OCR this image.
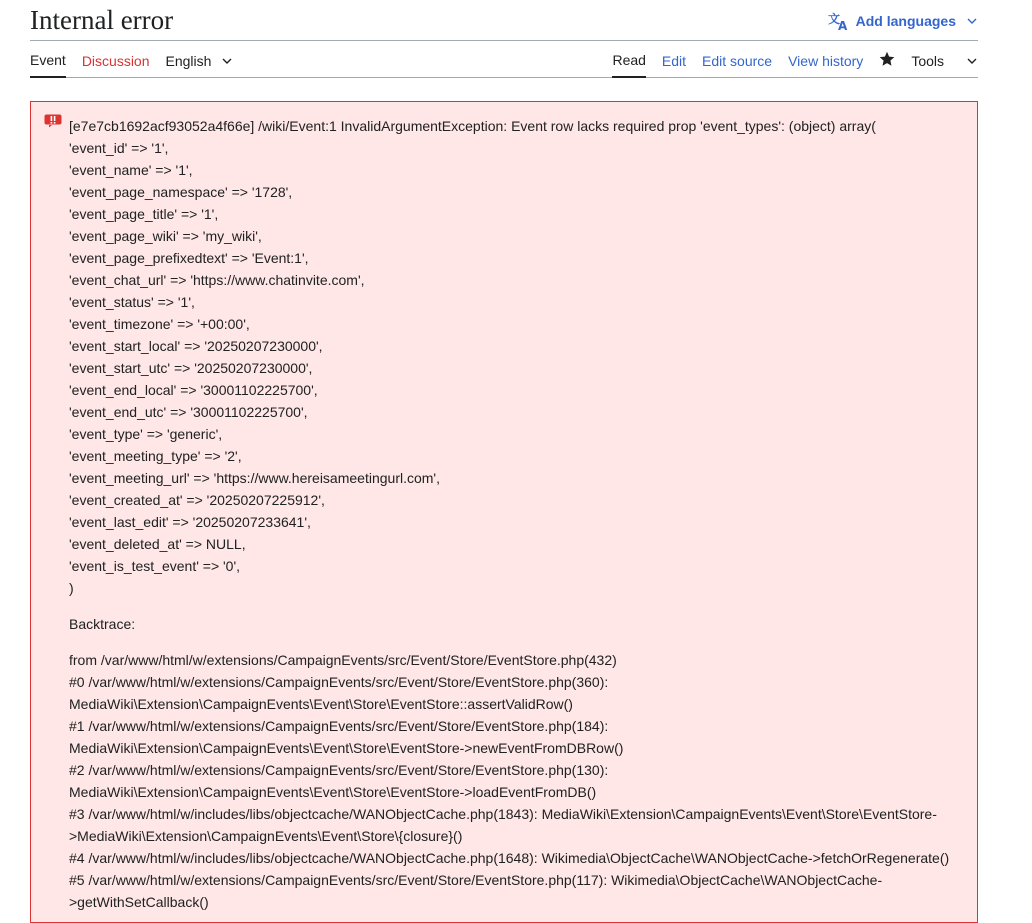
Internal error	文
A Add languages
Event Discussion English	Read Edit Edit source View history	Tools

[e7e7cb1692acf93052a4f66e] /wiki/Event:1 InvalidArgumentException: Event row lacks required prop 'event_types': (object) array(

'event_id' => '1',
'event_name' => '1',
'event_page_namespace' => '1728',
'event_page_title' => '1',
'event_page_wiki' => 'my_wiki',
'event_page_prefixedtext' => 'Event:1',
'event_chat_url' => 'https://www.chatinvite.com',
'event_status' => '1',
'event_timezone' => '+00:00',
'event_start_local' => '20250207230000',
'event_start_utc' => '20250207230000',
'event_end_local' => '30001102225700',
'event_end_utc' => '30001102225700',
'event_type' => 'generic',
'event_meeting_type' => '2',
'event_meeting_url' => 'https://www.hereisameetingurl.com',
'event_created_at' => '20250207225912',
'event_last_edit' => '20250207233641',
'event_deleted_at' => NULL,
'event_is_test_event' => '0',
)

Backtrace:

from /var/www/html/w/extensions/CampaignEvents/src/Event/Store/EventStore.php(432)
#0 /var/www/html/w/extensions/CampaignEvents/src/Event/Store/EventStore.php(360): MediaWiki\Extension\CampaignEvents\Event\Store\EventStore::assertValidRow()
#1 /var/www/html/w/extensions/CampaignEvents/src/Event/Store/EventStore.php(184): MediaWiki\Extension\CampaignEvents\Event\Store\EventStore->newEventFromDBRow()
#2 /var/www/html/w/extensions/CampaignEvents/src/Event/Store/EventStore.php(130): MediaWiki\Extension\CampaignEvents\Event\Store\EventStore->loadEventFromDB()
#3 /var/www/html/w/includes/libs/objectcache/WANObjectCache.php(1843): MediaWiki\Extension\CampaignEvents\Event\Store\EventStore->MediaWiki\Extension\CampaignEvents\Event\Store\{closure}()
#4 /var/www/html/w/includes/libs/objectcache/WANObjectCache.php(1648): Wikimedia\ObjectCache\WANObjectCache->fetchOrRegenerate()
#5 /var/www/html/w/extensions/CampaignEvents/src/Event/Store/EventStore.php(117): Wikimedia\ObjectCache\WANObjectCache->getWithSetCallback()
